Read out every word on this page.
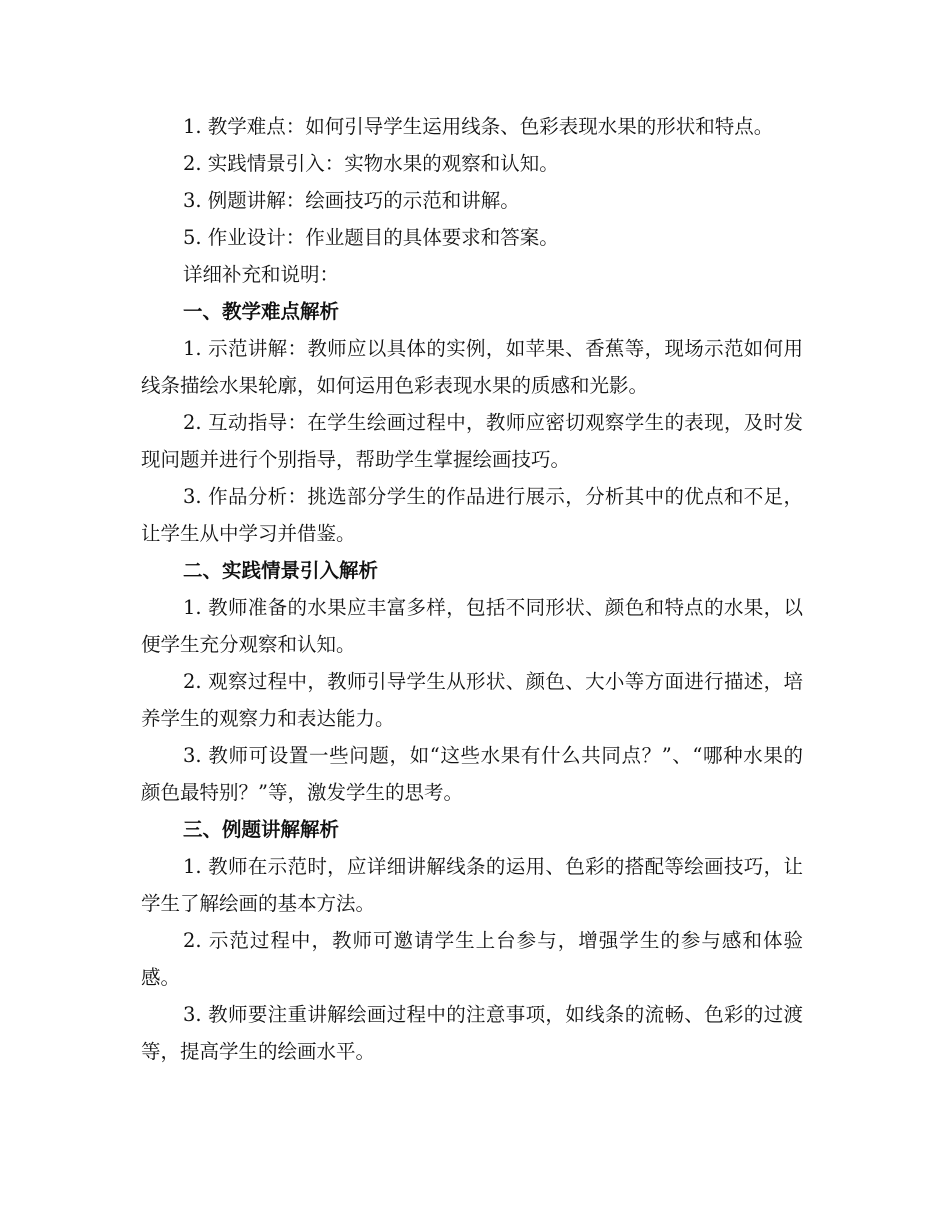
1. 教学难点：如何引导学生运用线条、色彩表现水果的形状和特点。

2. 实践情景引入：实物水果的观察和认知。

3. 例题讲解：绘画技巧的示范和讲解。

5. 作业设计：作业题目的具体要求和答案。

详细补充和说明：

一、教学难点解析

1. 示范讲解：教师应以具体的实例，如苹果、香蕉等，现场示范如何用线条描绘水果轮廓，如何运用色彩表现水果的质感和光影。

2. 互动指导：在学生绘画过程中，教师应密切观察学生的表现，及时发现问题并进行个别指导，帮助学生掌握绘画技巧。

3. 作品分析：挑选部分学生的作品进行展示，分析其中的优点和不足，让学生从中学习并借鉴。

二、实践情景引入解析

1. 教师准备的水果应丰富多样，包括不同形状、颜色和特点的水果，以便学生充分观察和认知。

2. 观察过程中，教师引导学生从形状、颜色、大小等方面进行描述，培养学生的观察力和表达能力。

3. 教师可设置一些问题，如“这些水果有什么共同点？”、“哪种水果的颜色最特别？”等，激发学生的思考。

三、例题讲解解析

1. 教师在示范时，应详细讲解线条的运用、色彩的搭配等绘画技巧，让学生了解绘画的基本方法。

2. 示范过程中，教师可邀请学生上台参与，增强学生的参与感和体验感。

3. 教师要注重讲解绘画过程中的注意事项，如线条的流畅、色彩的过渡等，提高学生的绘画水平。
